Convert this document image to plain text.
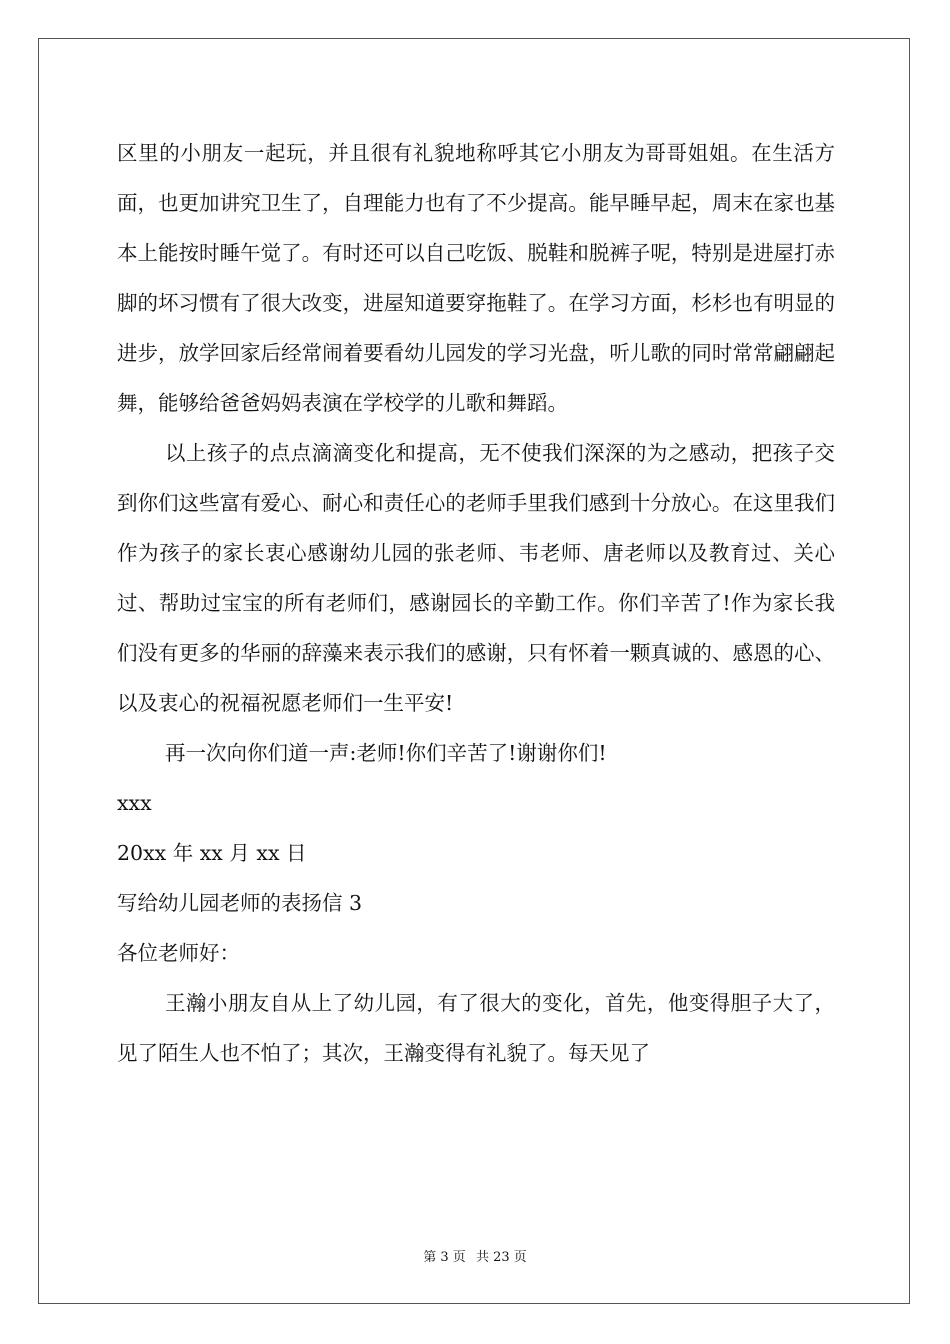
区里的小朋友一起玩，并且很有礼貌地称呼其它小朋友为哥哥姐姐。在生活方面，也更加讲究卫生了，自理能力也有了不少提高。能早睡早起，周末在家也基本上能按时睡午觉了。有时还可以自己吃饭、脱鞋和脱裤子呢，特别是进屋打赤脚的坏习惯有了很大改变，进屋知道要穿拖鞋了。在学习方面，杉杉也有明显的进步，放学回家后经常闹着要看幼儿园发的学习光盘，听儿歌的同时常常翩翩起舞，能够给爸爸妈妈表演在学校学的儿歌和舞蹈。

以上孩子的点点滴滴变化和提高，无不使我们深深的为之感动，把孩子交到你们这些富有爱心、耐心和责任心的老师手里我们感到十分放心。在这里我们作为孩子的家长衷心感谢幼儿园的张老师、韦老师、唐老师以及教育过、关心过、帮助过宝宝的所有老师们，感谢园长的辛勤工作。你们辛苦了!作为家长我们没有更多的华丽的辞藻来表示我们的感谢，只有怀着一颗真诚的、感恩的心、以及衷心的祝福祝愿老师们一生平安!

再一次向你们道一声:老师!你们辛苦了!谢谢你们!

xxx

20xx 年 xx 月 xx 日

写给幼儿园老师的表扬信 3

各位老师好：

王瀚小朋友自从上了幼儿园，有了很大的变化，首先，他变得胆子大了，见了陌生人也不怕了；其次，王瀚变得有礼貌了。每天见了

第 3 页 共 23 页
